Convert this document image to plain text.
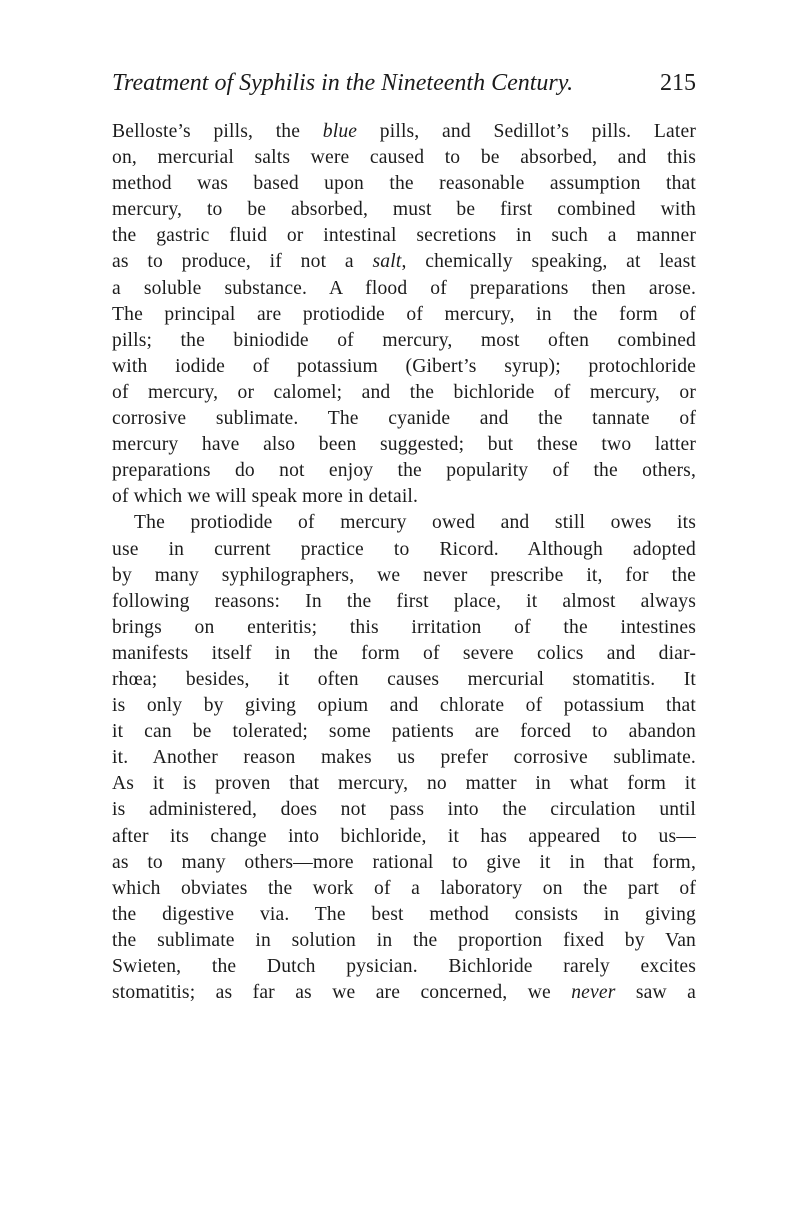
Treatment of Syphilis in the Nineteenth Century.	215
Belloste’s pills, the blue pills, and Sedillot’s pills. Later
on, mercurial salts were caused to be absorbed, and this
method was based upon the reasonable assumption that
mercury, to be absorbed, must be first combined with
the gastric fluid or intestinal secretions in such a manner
as to produce, if not a salt, chemically speaking, at least
a soluble substance. A flood of preparations then arose.
The principal are protiodide of mercury, in the form of
pills; the biniodide of mercury, most often combined
with iodide of potassium (Gibert’s syrup); protochloride
of mercury, or calomel; and the bichloride of mercury, or
corrosive sublimate. The cyanide and the tannate of
mercury have also been suggested; but these two latter
preparations do not enjoy the popularity of the others,
of which we will speak more in detail.
The protiodide of mercury owed and still owes its
use in current practice to Ricord. Although adopted
by many syphilographers, we never prescribe it, for the
following reasons: In the first place, it almost always
brings on enteritis; this irritation of the intestines
manifests itself in the form of severe colics and diar-
rhœa; besides, it often causes mercurial stomatitis. It
is only by giving opium and chlorate of potassium that
it can be tolerated; some patients are forced to abandon
it. Another reason makes us prefer corrosive sublimate.
As it is proven that mercury, no matter in what form it
is administered, does not pass into the circulation until
after its change into bichloride, it has appeared to us—
as to many others—more rational to give it in that form,
which obviates the work of a laboratory on the part of
the digestive via. The best method consists in giving
the sublimate in solution in the proportion fixed by Van
Swieten, the Dutch pysician. Bichloride rarely excites
stomatitis; as far as we are concerned, we never saw a
